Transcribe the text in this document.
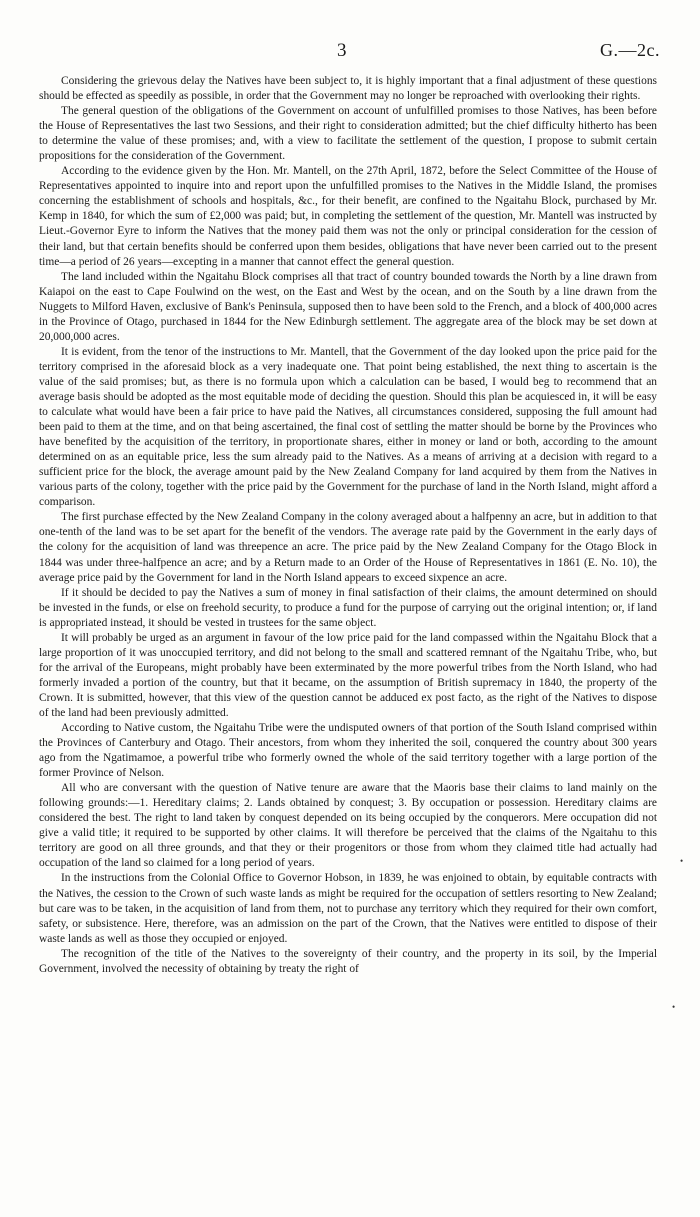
3	G.—2c.

Considering the grievous delay the Natives have been subject to, it is highly important that a final adjustment of these questions should be effected as speedily as possible, in order that the Government may no longer be reproached with overlooking their rights.

The general question of the obligations of the Government on account of unfulfilled promises to those Natives, has been before the House of Representatives the last two Sessions, and their right to consideration admitted; but the chief difficulty hitherto has been to determine the value of these promises; and, with a view to facilitate the settlement of the question, I propose to submit certain propositions for the consideration of the Government.

According to the evidence given by the Hon. Mr. Mantell, on the 27th April, 1872, before the Select Committee of the House of Representatives appointed to inquire into and report upon the unfulfilled promises to the Natives in the Middle Island, the promises concerning the establishment of schools and hospitals, &c., for their benefit, are confined to the Ngaitahu Block, purchased by Mr. Kemp in 1840, for which the sum of £2,000 was paid; but, in completing the settlement of the question, Mr. Mantell was instructed by Lieut.-Governor Eyre to inform the Natives that the money paid them was not the only or principal consideration for the cession of their land, but that certain benefits should be conferred upon them besides, obligations that have never been carried out to the present time—a period of 26 years—excepting in a manner that cannot effect the general question.

The land included within the Ngaitahu Block comprises all that tract of country bounded towards the North by a line drawn from Kaiapoi on the east to Cape Foulwind on the west, on the East and West by the ocean, and on the South by a line drawn from the Nuggets to Milford Haven, exclusive of Bank's Peninsula, supposed then to have been sold to the French, and a block of 400,000 acres in the Province of Otago, purchased in 1844 for the New Edinburgh settlement. The aggregate area of the block may be set down at 20,000,000 acres.

It is evident, from the tenor of the instructions to Mr. Mantell, that the Government of the day looked upon the price paid for the territory comprised in the aforesaid block as a very inadequate one. That point being established, the next thing to ascertain is the value of the said promises; but, as there is no formula upon which a calculation can be based, I would beg to recommend that an average basis should be adopted as the most equitable mode of deciding the question. Should this plan be acquiesced in, it will be easy to calculate what would have been a fair price to have paid the Natives, all circumstances considered, supposing the full amount had been paid to them at the time, and on that being ascertained, the final cost of settling the matter should be borne by the Provinces who have benefited by the acquisition of the territory, in proportionate shares, either in money or land or both, according to the amount determined on as an equitable price, less the sum already paid to the Natives. As a means of arriving at a decision with regard to a sufficient price for the block, the average amount paid by the New Zealand Company for land acquired by them from the Natives in various parts of the colony, together with the price paid by the Government for the purchase of land in the North Island, might afford a comparison.

The first purchase effected by the New Zealand Company in the colony averaged about a halfpenny an acre, but in addition to that one-tenth of the land was to be set apart for the benefit of the vendors. The average rate paid by the Government in the early days of the colony for the acquisition of land was threepence an acre. The price paid by the New Zealand Company for the Otago Block in 1844 was under three-halfpence an acre; and by a Return made to an Order of the House of Representatives in 1861 (E. No. 10), the average price paid by the Government for land in the North Island appears to exceed sixpence an acre.

If it should be decided to pay the Natives a sum of money in final satisfaction of their claims, the amount determined on should be invested in the funds, or else on freehold security, to produce a fund for the purpose of carrying out the original intention; or, if land is appropriated instead, it should be vested in trustees for the same object.

It will probably be urged as an argument in favour of the low price paid for the land compassed within the Ngaitahu Block that a large proportion of it was unoccupied territory, and did not belong to the small and scattered remnant of the Ngaitahu Tribe, who, but for the arrival of the Europeans, might probably have been exterminated by the more powerful tribes from the North Island, who had formerly invaded a portion of the country, but that it became, on the assumption of British supremacy in 1840, the property of the Crown. It is submitted, however, that this view of the question cannot be adduced ex post facto, as the right of the Natives to dispose of the land had been previously admitted.

According to Native custom, the Ngaitahu Tribe were the undisputed owners of that portion of the South Island comprised within the Provinces of Canterbury and Otago. Their ancestors, from whom they inherited the soil, conquered the country about 300 years ago from the Ngatimamoe, a powerful tribe who formerly owned the whole of the said territory together with a large portion of the former Province of Nelson.

All who are conversant with the question of Native tenure are aware that the Maoris base their claims to land mainly on the following grounds:—1. Hereditary claims; 2. Lands obtained by conquest; 3. By occupation or possession. Hereditary claims are considered the best. The right to land taken by conquest depended on its being occupied by the conquerors. Mere occupation did not give a valid title; it required to be supported by other claims. It will therefore be perceived that the claims of the Ngaitahu to this territory are good on all three grounds, and that they or their progenitors or those from whom they claimed title had actually had occupation of the land so claimed for a long period of years.

In the instructions from the Colonial Office to Governor Hobson, in 1839, he was enjoined to obtain, by equitable contracts with the Natives, the cession to the Crown of such waste lands as might be required for the occupation of settlers resorting to New Zealand; but care was to be taken, in the acquisition of land from them, not to purchase any territory which they required for their own comfort, safety, or subsistence. Here, therefore, was an admission on the part of the Crown, that the Natives were entitled to dispose of their waste lands as well as those they occupied or enjoyed.

The recognition of the title of the Natives to the sovereignty of their country, and the property in its soil, by the Imperial Government, involved the necessity of obtaining by treaty the right of

•
•
